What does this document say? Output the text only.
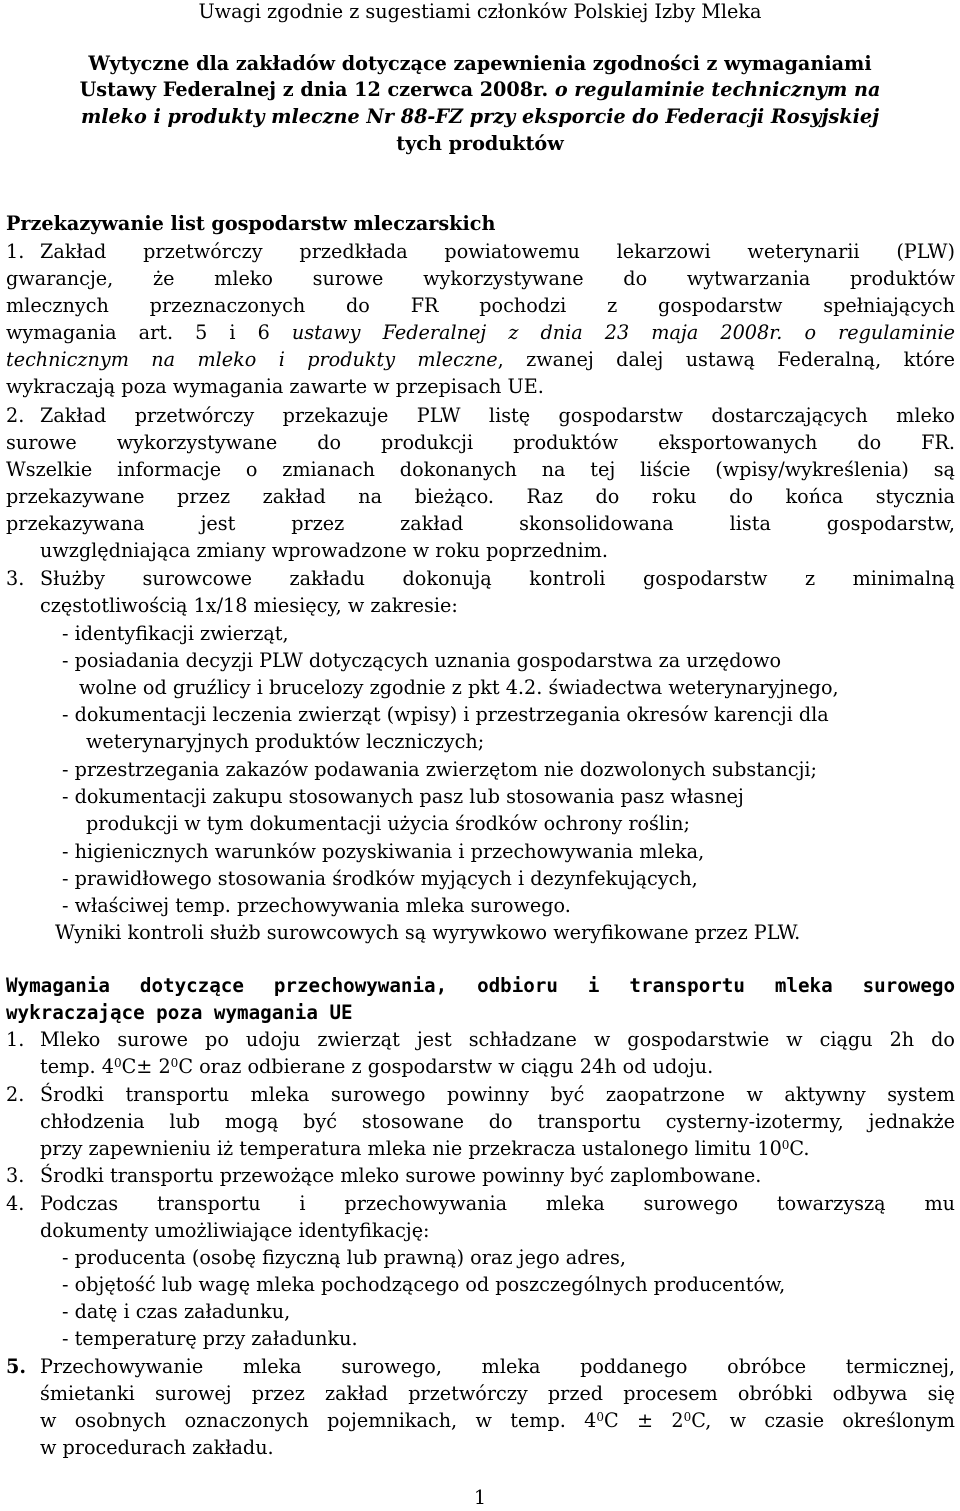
Uwagi zgodnie z sugestiami członków Polskiej Izby Mleka
Wytyczne dla zakładów dotyczące zapewnienia zgodności z wymaganiami
Ustawy Federalnej z dnia 12 czerwca 2008r. o regulaminie technicznym na
mleko i produkty mleczne Nr 88-FZ przy eksporcie do Federacji Rosyjskiej
tych produktów
Przekazywanie list gospodarstw mleczarskich
1. Zakład przetwórczy przedkłada powiatowemu lekarzowi weterynarii (PLW)
gwarancje, że mleko surowe wykorzystywane do wytwarzania produktów
mlecznych przeznaczonych do FR pochodzi z gospodarstw spełniających
wymagania art. 5 i 6 ustawy Federalnej z dnia 23 maja 2008r. o regulaminie
technicznym na mleko i produkty mleczne, zwanej dalej ustawą Federalną, które
wykraczają poza wymagania zawarte w przepisach UE.
2. Zakład przetwórczy przekazuje PLW listę gospodarstw dostarczających mleko
surowe wykorzystywane do produkcji produktów eksportowanych do FR.
Wszelkie informacje o zmianach dokonanych na tej liście (wpisy/wykreślenia) są
przekazywane przez zakład na bieżąco. Raz do roku do końca stycznia
przekazywana jest przez zakład skonsolidowana lista gospodarstw,
uwzględniająca zmiany wprowadzone w roku poprzednim.
3. Służby surowcowe zakładu dokonują kontroli gospodarstw z minimalną
częstotliwością 1x/18 miesięcy, w zakresie:
- identyfikacji zwierząt,
- posiadania decyzji PLW dotyczących uznania gospodarstwa za urzędowo
wolne od gruźlicy i brucelozy zgodnie z pkt 4.2. świadectwa weterynaryjnego,
- dokumentacji leczenia zwierząt (wpisy) i przestrzegania okresów karencji dla
weterynaryjnych produktów leczniczych;
- przestrzegania zakazów podawania zwierzętom nie dozwolonych substancji;
- dokumentacji zakupu stosowanych pasz lub stosowania pasz własnej
produkcji w tym dokumentacji użycia środków ochrony roślin;
- higienicznych warunków pozyskiwania i przechowywania mleka,
- prawidłowego stosowania środków myjących i dezynfekujących,
- właściwej temp. przechowywania mleka surowego.
Wyniki kontroli służb surowcowych są wyrywkowo weryfikowane przez PLW.
Wymagania dotyczące przechowywania, odbioru i transportu mleka surowego
wykraczające poza wymagania UE
1. Mleko surowe po udoju zwierząt jest schładzane w gospodarstwie w ciągu 2h do
temp. $4^0C\pm 2^0C$ oraz odbierane z gospodarstw w ciągu 24h od udoju.
2. Środki transportu mleka surowego powinny być zaopatrzone w aktywny system
chłodzenia lub mogą być stosowane do transportu cysterny-izotermy, jednakże
przy zapewnieniu iż temperatura mleka nie przekracza ustalonego limitu $10^0C$.
3. Środki transportu przewożące mleko surowe powinny być zaplombowane.
4. Podczas transportu i przechowywania mleka surowego towarzyszą mu
dokumenty umożliwiające identyfikację:
- producenta (osobę fizyczną lub prawną) oraz jego adres,
- objętość lub wagę mleka pochodzącego od poszczególnych producentów,
- datę i czas załadunku,
- temperaturę przy załadunku.
5. Przechowywanie mleka surowego, mleka poddanego obróbce termicznej,
śmietanki surowej przez zakład przetwórczy przed procesem obróbki odbywa się
w osobnych oznaczonych pojemnikach, w temp. $4^0C \pm 2^0C$, w czasie określonym
w procedurach zakładu.
1
